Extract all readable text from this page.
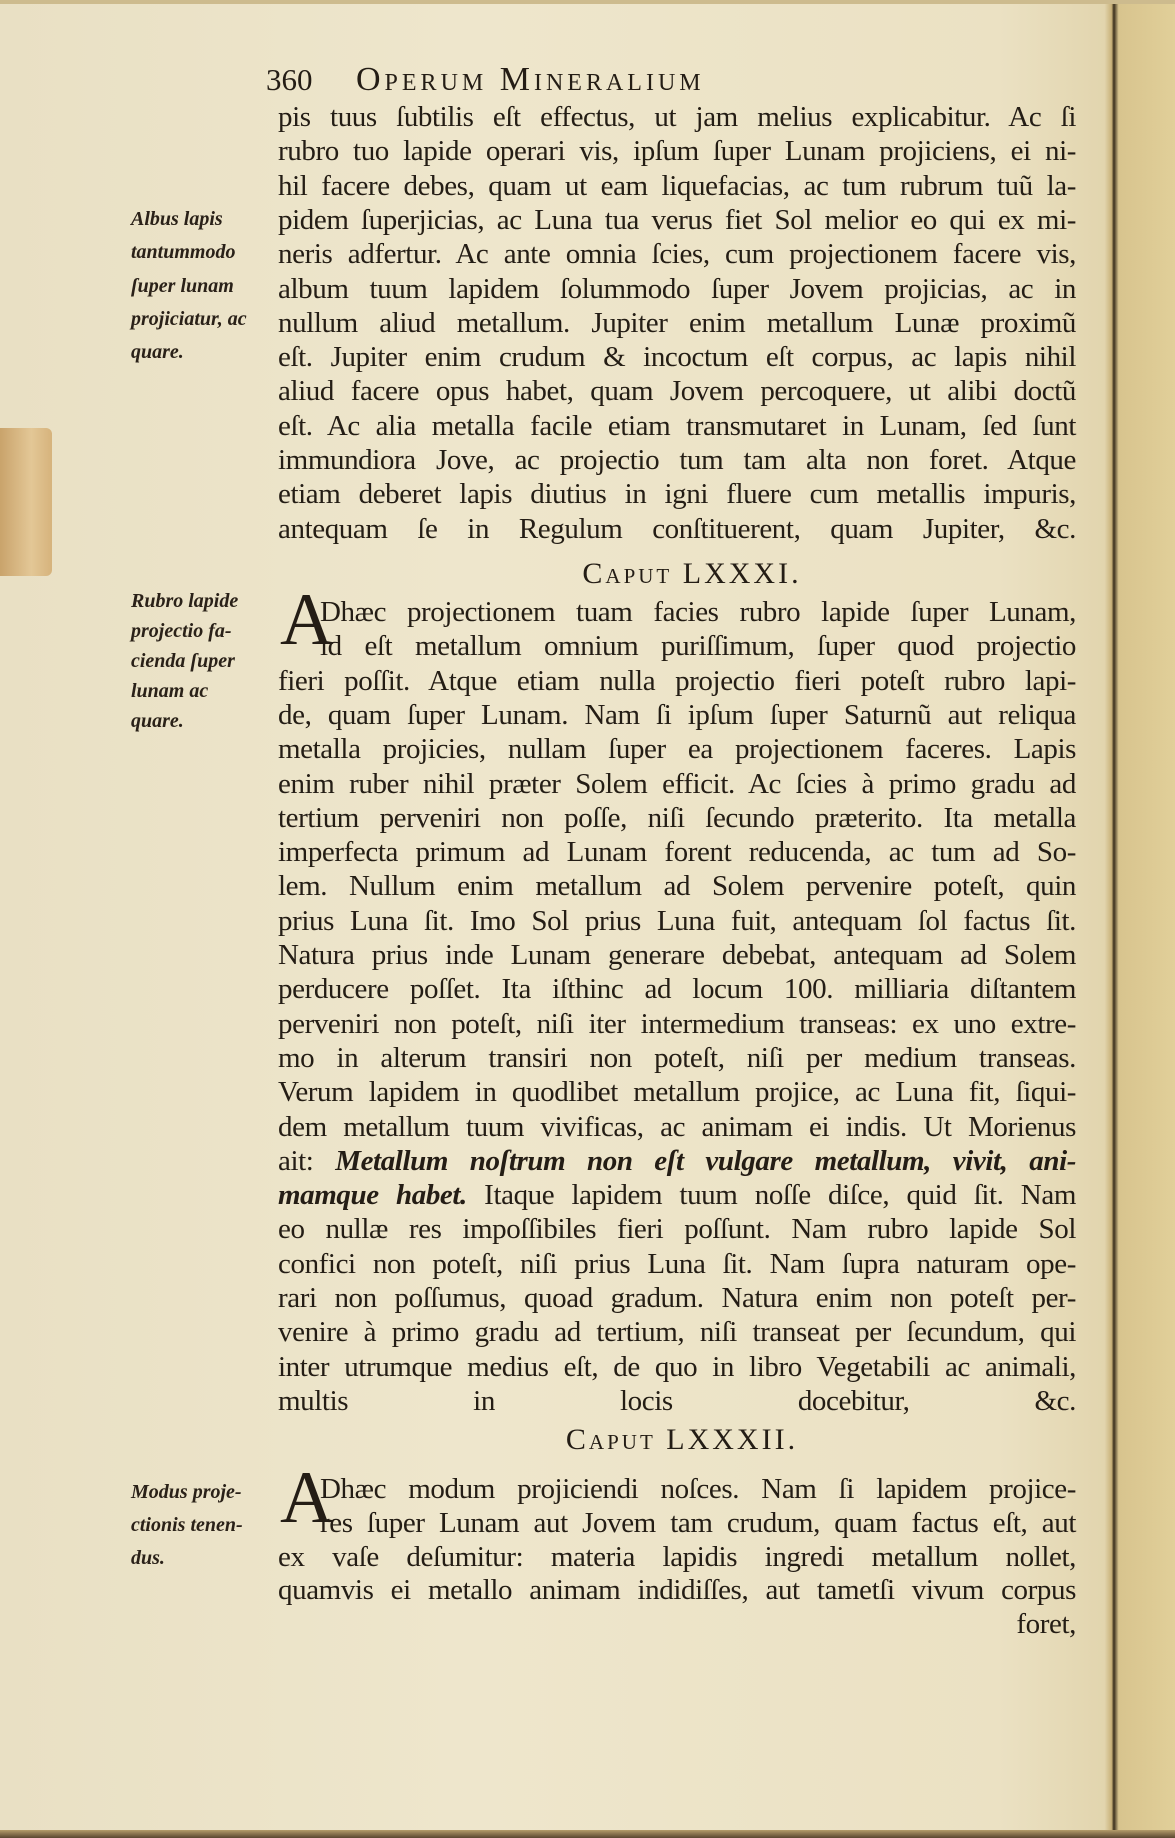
360 Operum Mineralium
pis tuus ſubtilis eſt effectus, ut jam melius explicabitur. Ac ſi
rubro tuo lapide operari vis, ipſum ſuper Lunam projiciens, ei ni-
hil facere debes, quam ut eam liquefacias, ac tum rubrum tuũ la-
pidem ſuperjicias, ac Luna tua verus fiet Sol melior eo qui ex mi-
neris adfertur. Ac ante omnia ſcies, cum projectionem facere vis,
album tuum lapidem ſolummodo ſuper Jovem projicias, ac in
nullum aliud metallum. Jupiter enim metallum Lunæ proximũ
eſt. Jupiter enim crudum & incoctum eſt corpus, ac lapis nihil
aliud facere opus habet, quam Jovem percoquere, ut alibi doctũ
eſt. Ac alia metalla facile etiam transmutaret in Lunam, ſed ſunt
immundiora Jove, ac projectio tum tam alta non foret. Atque
etiam deberet lapis diutius in igni fluere cum metallis impuris,
antequam ſe in Regulum conſtituerent, quam Jupiter, &c.
Albus lapis
tantummodo
ſuper lunam
projiciatur, ac
quare.
Dhæc projectionem tuam facies rubro lapide ſuper Lunam,
id eſt metallum omnium puriſſimum, ſuper quod projectio
fieri poſſit. Atque etiam nulla projectio fieri poteſt rubro lapi-
de, quam ſuper Lunam. Nam ſi ipſum ſuper Saturnũ aut reliqua
metalla projicies, nullam ſuper ea projectionem faceres. Lapis
enim ruber nihil præter Solem efficit. Ac ſcies à primo gradu ad
tertium perveniri non poſſe, niſi ſecundo præterito. Ita metalla
imperfecta primum ad Lunam forent reducenda, ac tum ad So-
lem. Nullum enim metallum ad Solem pervenire poteſt, quin
prius Luna ſit. Imo Sol prius Luna fuit, antequam ſol factus ſit.
Natura prius inde Lunam generare debebat, antequam ad Solem
perducere poſſet. Ita iſthinc ad locum 100. milliaria diſtantem
perveniri non poteſt, niſi iter intermedium transeas: ex uno extre-
mo in alterum transiri non poteſt, niſi per medium transeas.
Verum lapidem in quodlibet metallum projice, ac Luna fit, ſiqui-
dem metallum tuum vivificas, ac animam ei indis. Ut Morienus
ait: Metallum noſtrum non eſt vulgare metallum, vivit, ani-
mamque habet. Itaque lapidem tuum noſſe diſce, quid ſit. Nam
eo nullæ res impoſſibiles fieri poſſunt. Nam rubro lapide Sol
confici non poteſt, niſi prius Luna ſit. Nam ſupra naturam ope-
rari non poſſumus, quoad gradum. Natura enim non poteſt per-
venire à primo gradu ad tertium, niſi transeat per ſecundum, qui
inter utrumque medius eſt, de quo in libro Vegetabili ac animali,
multis in locis docebitur, &c.
Rubro lapide
projectio fa-
cienda ſuper
lunam ac
quare.
Dhæc modum projiciendi noſces. Nam ſi lapidem projice-
res ſuper Lunam aut Jovem tam crudum, quam factus eſt, aut
ex vaſe deſumitur: materia lapidis ingredi metallum nollet,
quamvis ei metallo animam indidiſſes, aut tametſi vivum corpus
foret,
Modus proje-
ctionis tenen-
dus.
Caput LXXXI.
A
Caput LXXXII.
A
